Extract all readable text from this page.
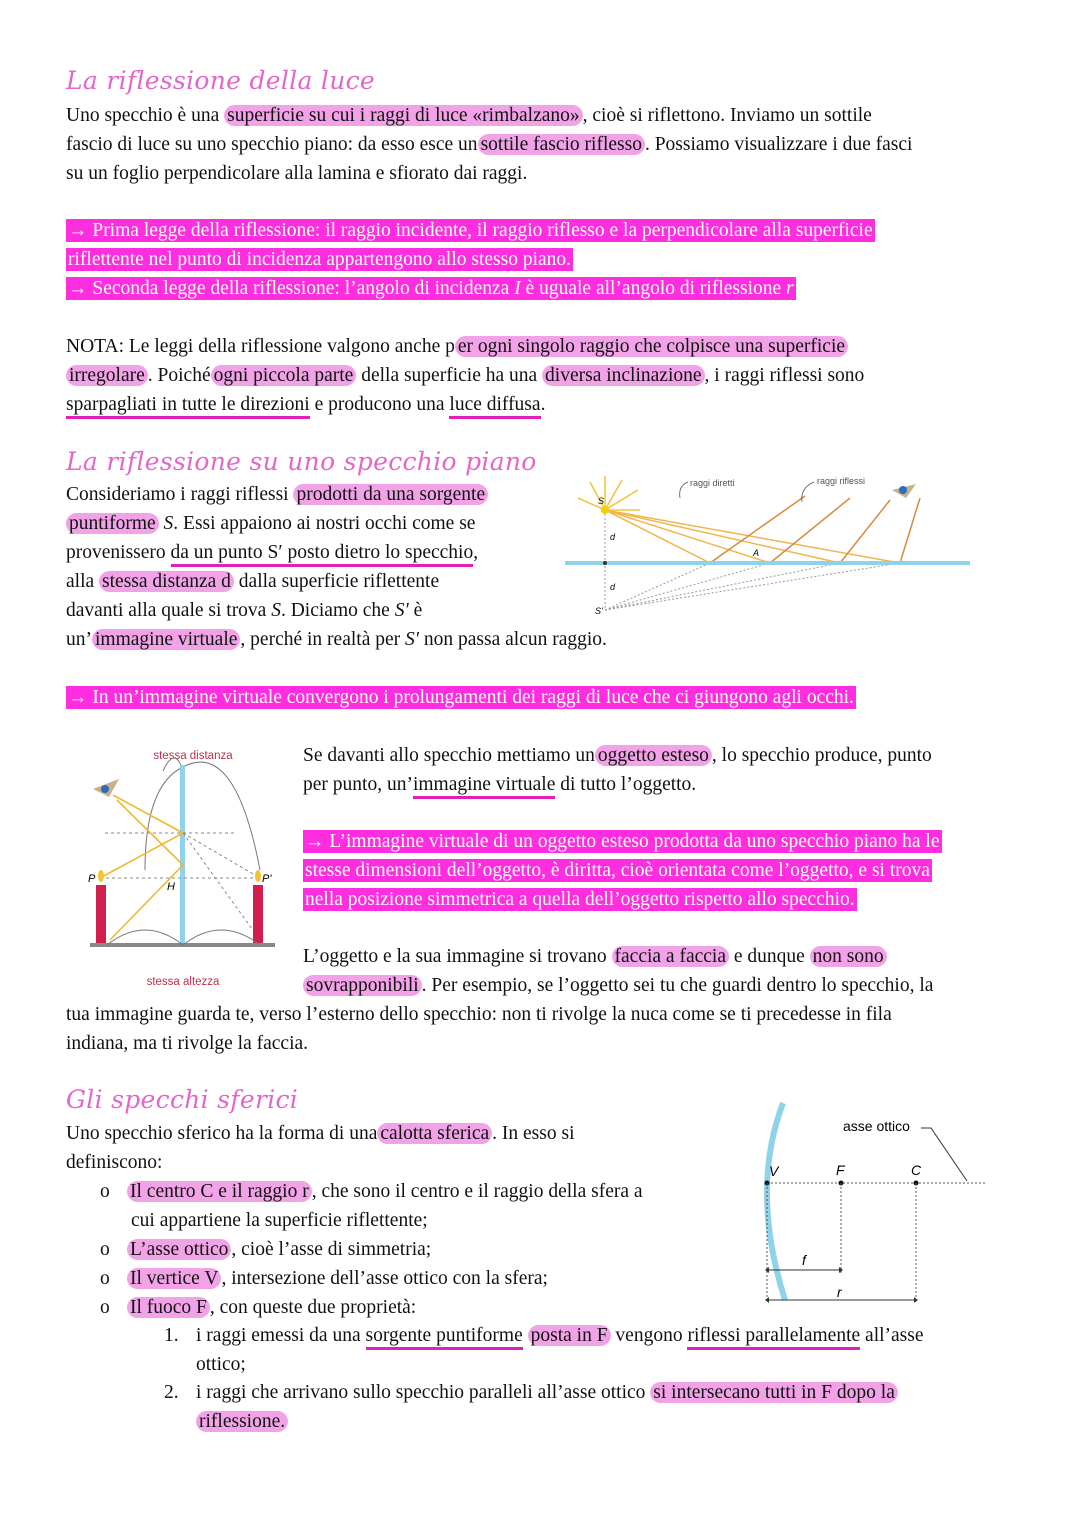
La riflessione della luce
Uno specchio è una superficie su cui i raggi di luce «rimbalzano» , cioè si riflettono. Inviamo un sottile
fascio di luce su uno specchio piano: da esso esce un sottile fascio riflesso . Possiamo visualizzare i due fasci
su un foglio perpendicolare alla lamina e sfiorato dai raggi.
→ Prima legge della riflessione: il raggio incidente, il raggio riflesso e la perpendicolare alla superficie
riflettente nel punto di incidenza appartengono allo stesso piano.
→ Seconda legge della riflessione: l’angolo di incidenza I è uguale all’angolo di riflessione r
NOTA: Le leggi della riflessione valgono anche p er ogni singolo raggio che colpisce una superficie
irregolare . Poiché ogni piccola parte della superficie ha una diversa inclinazione , i raggi riflessi sono
sparpagliati in tutte le direzioni e producono una luce diffusa.
La riflessione su uno specchio piano
Consideriamo i raggi riflessi prodotti da una sorgente
puntiforme S. Essi appaiono ai nostri occhi come se
provenissero da un punto S′ posto dietro lo specchio,
alla stessa distanza d dalla superficie riflettente
davanti alla quale si trova S. Diciamo che S′ è
un’ immagine virtuale , perché in realtà per S′ non passa alcun raggio.
S
S'
d
d
A
raggi diretti	raggi riflessi
→ In un’immagine virtuale convergono i prolungamenti dei raggi di luce che ci giungono agli occhi.
stessa distanza
P	P'
H
stessa altezza
Se davanti allo specchio mettiamo un oggetto esteso , lo specchio produce, punto
per punto, un’immagine virtuale di tutto l’oggetto.
→ L’immagine virtuale di un oggetto esteso prodotta da uno specchio piano ha le
stesse dimensioni dell’oggetto, è diritta, cioè orientata come l’oggetto, e si trova
nella posizione simmetrica a quella dell’oggetto rispetto allo specchio.
L’oggetto e la sua immagine si trovano faccia a faccia e dunque non sono
sovrapponibili . Per esempio, se l’oggetto sei tu che guardi dentro lo specchio, la
tua immagine guarda te, verso l’esterno dello specchio: non ti rivolge la nuca come se ti precedesse in fila
indiana, ma ti rivolge la faccia.
Gli specchi sferici
Uno specchio sferico ha la forma di una calotta sferica . In esso si
definiscono:
o Il centro C e il raggio r , che sono il centro e il raggio della sfera a
cui appartiene la superficie riflettente;
o L’asse ottico , cioè l’asse di simmetria;
o Il vertice V , intersezione dell’asse ottico con la sfera;
o Il fuoco F , con queste due proprietà:
1. i raggi emessi da una sorgente puntiforme posta in F vengono riflessi parallelamente all’asse
ottico;
2. i raggi che arrivano sullo specchio paralleli all’asse ottico si intersecano tutti in F dopo la
riflessione.
V	F	C
asse ottico
f
r
